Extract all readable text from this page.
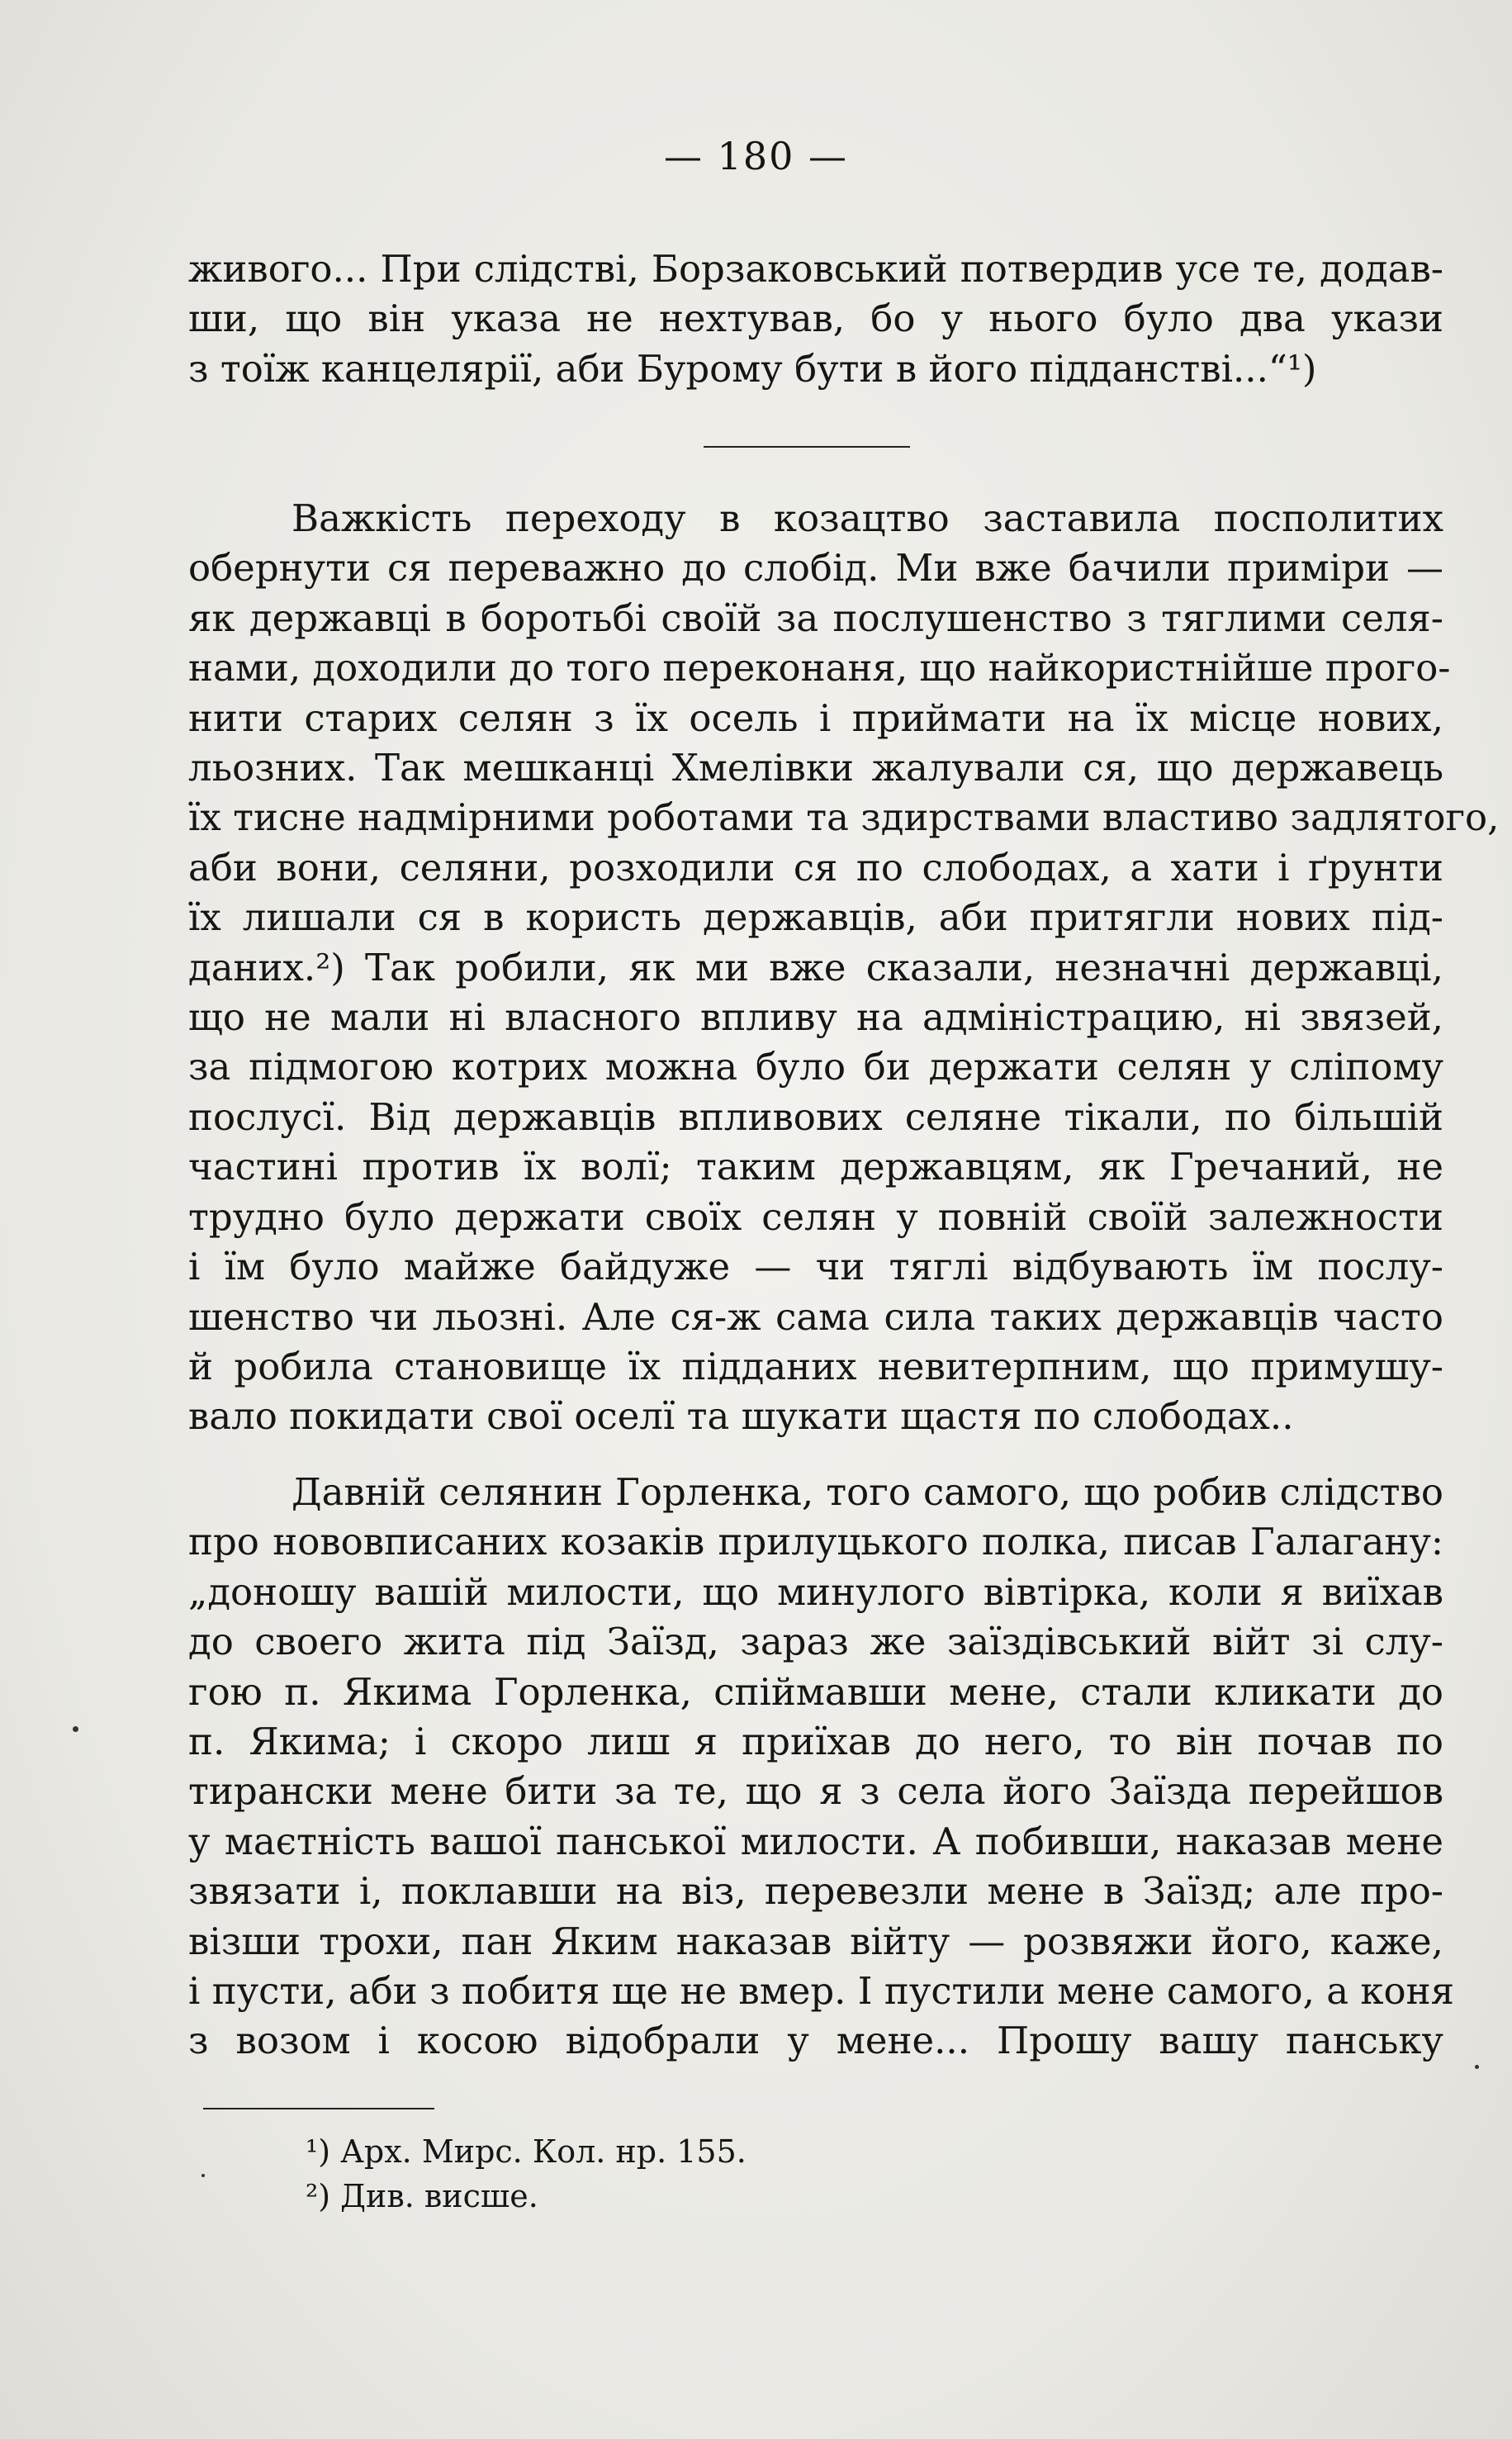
— 180 —
живого... При слідстві, Борзаковський потвердив усе те, додав-
ши, що він указа не нехтував, бо у нього було два укази
з тоїж канцелярії, аби Бурому бути в його підданстві...“¹)
Важкість переходу в козацтво заставила посполитих
обернути ся переважно до слобід. Ми вже бачили приміри —
як державці в боротьбі своїй за послушенство з тяглими селя-
нами, доходили до того переконаня, що найкористнійше прого-
нити старих селян з їх осель і приймати на їх місце нових,
льозних. Так мешканці Хмелівки жалували ся, що державець
їх тисне надмірними роботами та здирствами властиво задлятого,
аби вони, селяни, розходили ся по слободах, а хати і ґрунти
їх лишали ся в користь державців, аби притягли нових під-
даних.²) Так робили, як ми вже сказали, незначні державці,
що не мали ні власного впливу на адміністрацию, ні звязей,
за підмогою котрих можна було би держати селян у сліпому
послусї. Від державців впливових селяне тікали, по більшій
частині против їх волї; таким державцям, як Гречаний, не
трудно було держати своїх селян у повній своїй залежности
і їм було майже байдуже — чи тяглі відбувають їм послу-
шенство чи льозні. Але ся-ж сама сила таких державців часто
й робила становище їх підданих невитерпним, що примушу-
вало покидати свої оселї та шукати щастя по слободах..
Давній селянин Горленка, того самого, що робив слідство
про нововписаних козаків прилуцького полка, писав Галагану:
„доношу вашій милости, що минулого вівтірка, коли я виїхав
до своего жита під Заїзд, зараз же заїздівський війт зі слу-
гою п. Якима Горленка, спіймавши мене, стали кликати до
п. Якима; і скоро лиш я приїхав до него, то він почав по
тирански мене бити за те, що я з села його Заїзда перейшов
у маєтність вашої панської милости. А побивши, наказав мене
звязати і, поклавши на віз, перевезли мене в Заїзд; але про-
візши трохи, пан Яким наказав війту — розвяжи його, каже,
і пусти, аби з побитя ще не вмер. І пустили мене самого, а коня
з возом і косою відобрали у мене... Прошу вашу панську
¹) Арх. Мирс. Кол. нр. 155.
²) Див. висше.
